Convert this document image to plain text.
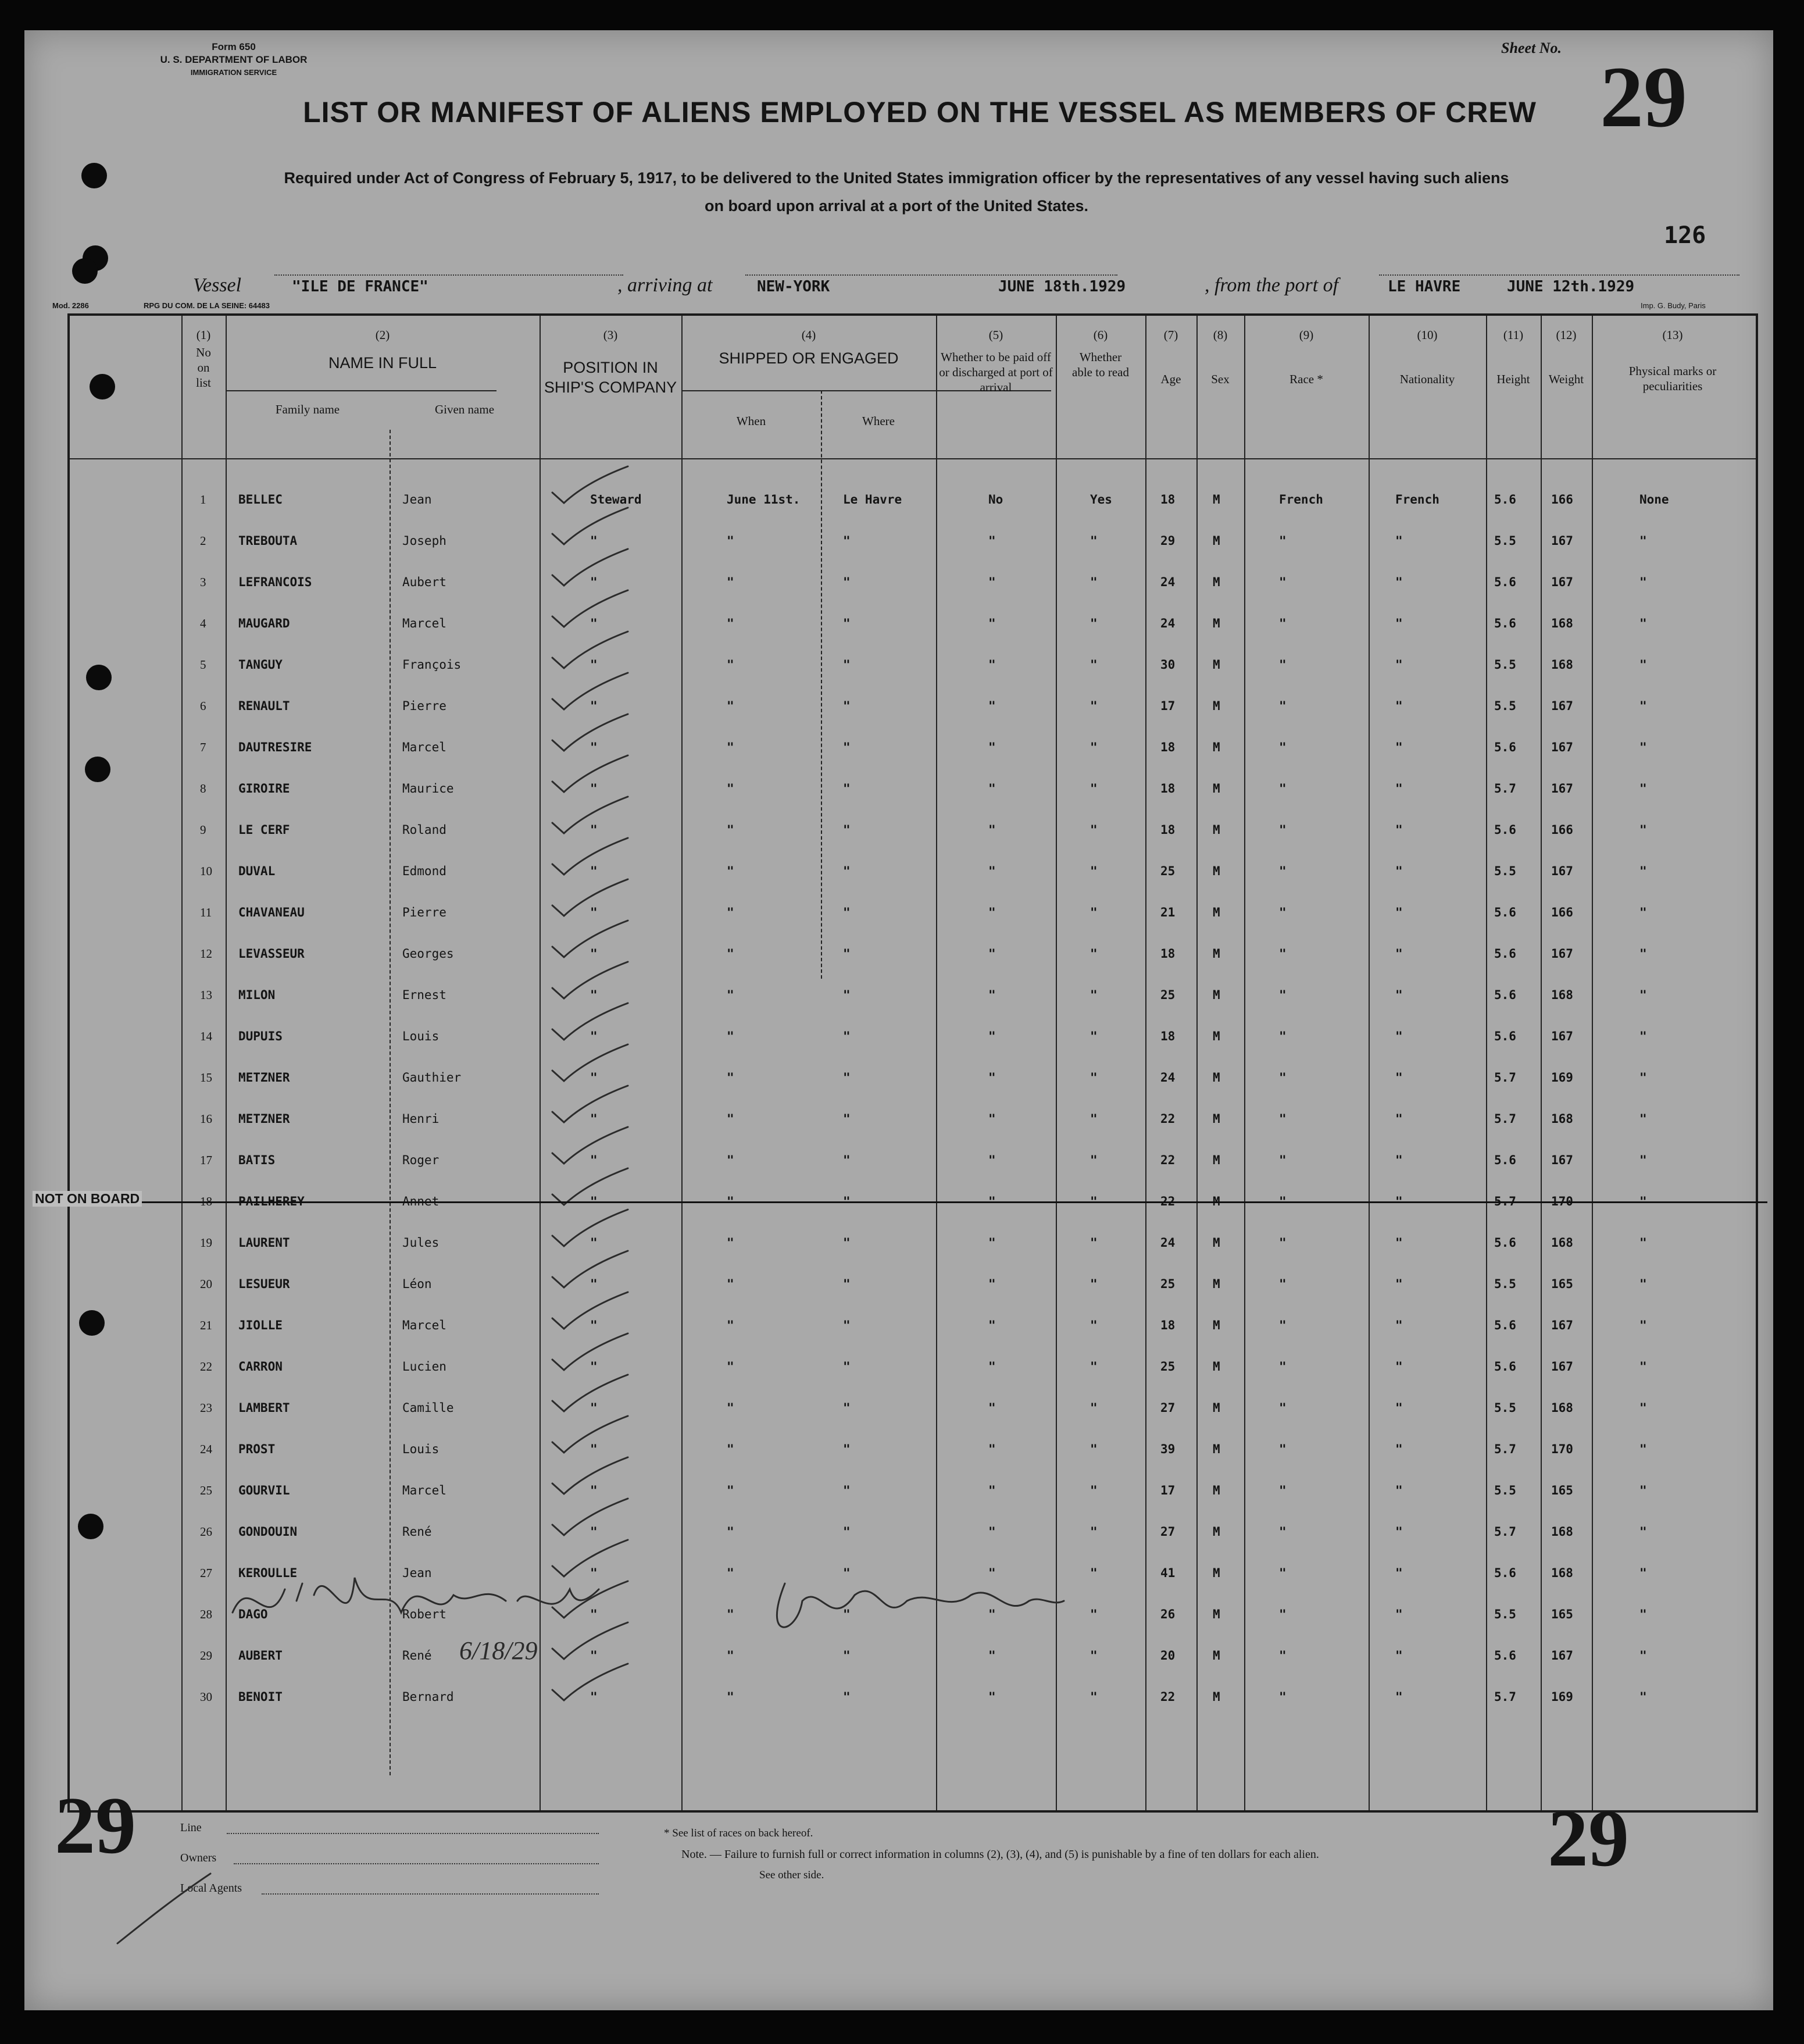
Form 650
U. S. DEPARTMENT OF LABOR
IMMIGRATION SERVICE
Sheet No.
29
LIST OR MANIFEST OF ALIENS EMPLOYED ON THE VESSEL AS MEMBERS OF CREW
Required under Act of Congress of February 5, 1917, to be delivered to the United States immigration officer by the representatives of any vessel having such aliens
on board upon arrival at a port of the United States.
126
Vessel	"ILE DE FRANCE"	, arriving at	NEW-YORK	JUNE 18th.1929	, from the port of	LE HAVRE	JUNE 12th.1929
Mod. 2286	RPG DU COM. DE LA SEINE: 64483	Imp. G. Budy, Paris
(1)
No on list
(2)
NAME IN FULL
Family name	Given name
(3)
POSITION IN SHIP'S COMPANY
(4)
SHIPPED OR ENGAGED
When	Where
(5)
Whether to be paid off or discharged at port of arrival
(6)
Whether able to read
(7)
Age
(8)
Sex
(9)
Race *
(10)
Nationality
(11)
Height
(12)
Weight
(13)
Physical marks or peculiarities
1	BELLEC	Jean	Steward	June 11st.	Le Havre	No	Yes	18	M	French	French	5.6	166	None
2	TREBOUTA	Joseph	"	"	"	"	"	29	M	"	"	5.5	167	"
3	LEFRANCOIS	Aubert	"	"	"	"	"	24	M	"	"	5.6	167	"
4	MAUGARD	Marcel	"	"	"	"	"	24	M	"	"	5.6	168	"
5	TANGUY	François	"	"	"	"	"	30	M	"	"	5.5	168	"
6	RENAULT	Pierre	"	"	"	"	"	17	M	"	"	5.5	167	"
7	DAUTRESIRE	Marcel	"	"	"	"	"	18	M	"	"	5.6	167	"
8	GIROIRE	Maurice	"	"	"	"	"	18	M	"	"	5.7	167	"
9	LE CERF	Roland	"	"	"	"	"	18	M	"	"	5.6	166	"
10 DUVAL	Edmond	"	"	"	"	"	25	M	"	"	5.5	167	"
11 CHAVANEAU	Pierre	"	"	"	"	"	21	M	"	"	5.6	166	"
12 LEVASSEUR	Georges	"	"	"	"	"	18	M	"	"	5.6	167	"
13 MILON	Ernest	"	"	"	"	"	25	M	"	"	5.6	168	"
14 DUPUIS	Louis	"	"	"	"	"	18	M	"	"	5.6	167	"
15 METZNER	Gauthier	"	"	"	"	"	24	M	"	"	5.7	169	"
16 METZNER	Henri	"	"	"	"	"	22	M	"	"	5.7	168	"
17 BATIS	Roger	"	"	"	"	"	22	M	"	"	5.6	167	"
18 PAILHEREY	Annet	"	"	"	"	"	22	M	"	"	5.7	170	"
NOT ON BOARD
19 LAURENT	Jules	"	"	"	"	"	24	M	"	"	5.6	168	"
20 LESUEUR	Léon	"	"	"	"	"	25	M	"	"	5.5	165	"
21 JIOLLE	Marcel	"	"	"	"	"	18	M	"	"	5.6	167	"
22 CARRON	Lucien	"	"	"	"	"	25	M	"	"	5.6	167	"
23 LAMBERT	Camille	"	"	"	"	"	27	M	"	"	5.5	168	"
24 PROST	Louis	"	"	"	"	"	39	M	"	"	5.7	170	"
25 GOURVIL	Marcel	"	"	"	"	"	17	M	"	"	5.5	165	"
26 GONDOUIN	René	"	"	"	"	"	27	M	"	"	5.7	168	"
27 KEROULLE	Jean	"	"	"	"	"	41	M	"	"	5.6	168	"
28 DAGO	Robert	"	"	"	"	"	26	M	"	"	5.5	165	"
29 AUBERT	René	"	"	"	"	"	20	M	"	"	5.6	167	"
30 BENOIT	Bernard	"	"	"	"	"	22	M	"	"	5.7	169	"
6/18/29
29	29
Line
Owners
Local Agents
* See list of races on back hereof.
Note. — Failure to furnish full or correct information in columns (2), (3), (4), and (5) is punishable by a fine of ten dollars for each alien.
See other side.
